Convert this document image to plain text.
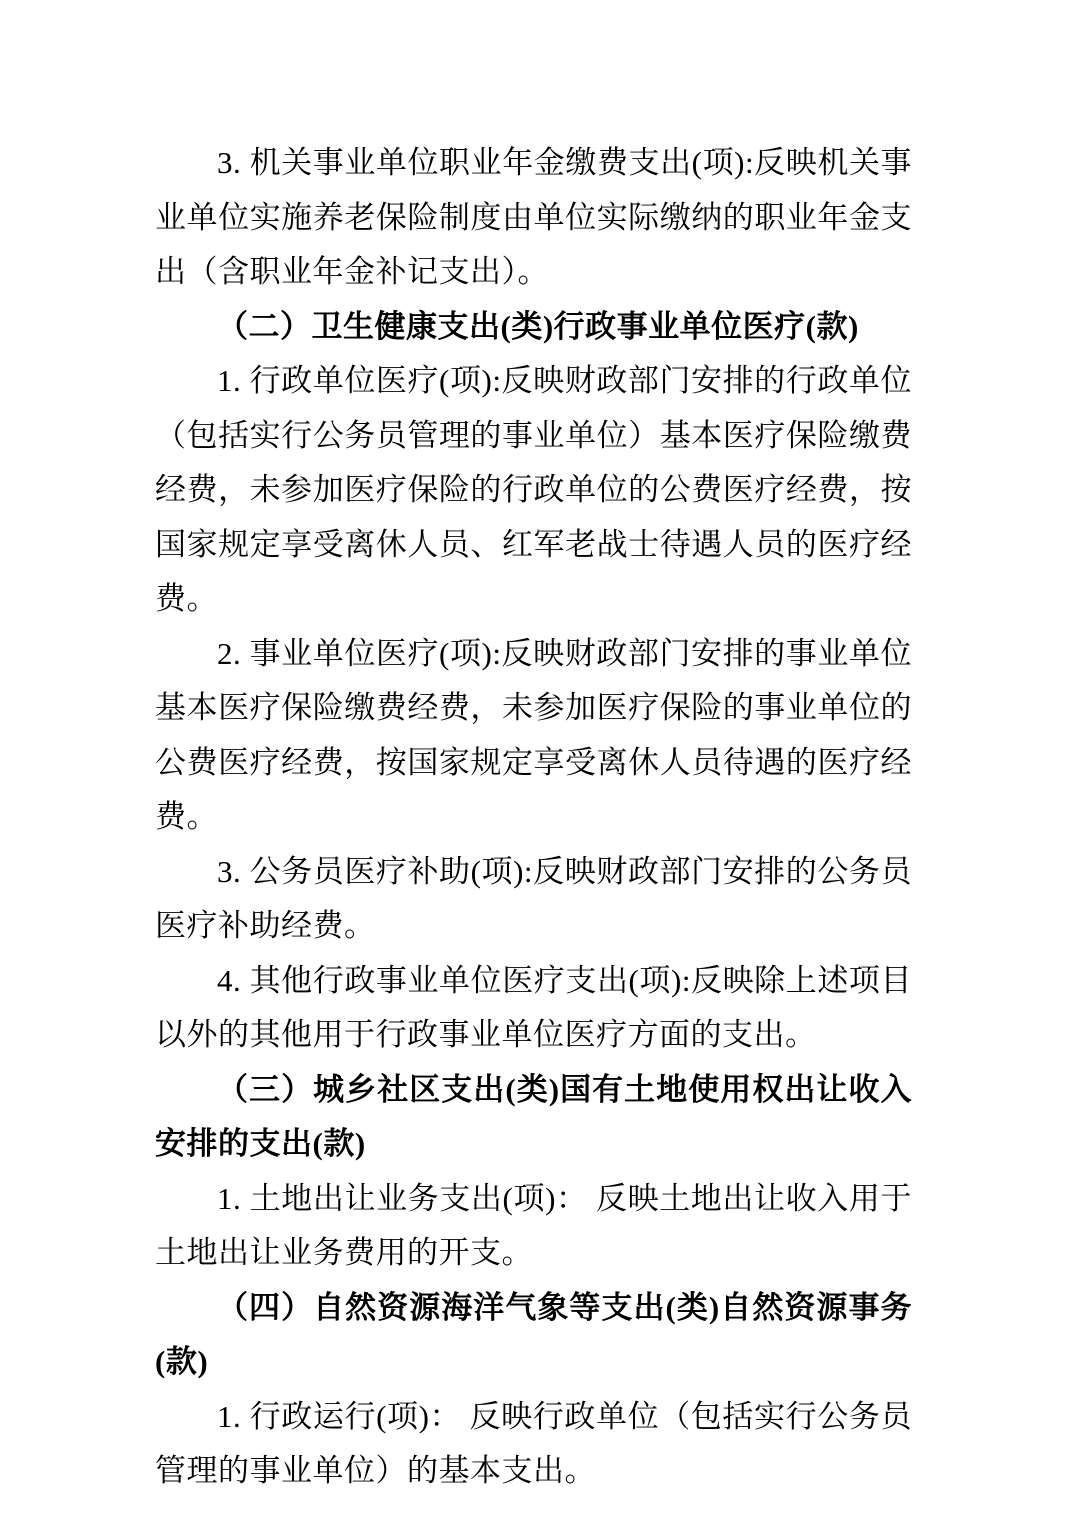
3. 机关事业单位职业年金缴费支出(项):反映机关事业单位实施养老保险制度由单位实际缴纳的职业年金支出（含职业年金补记支出）。

（二）卫生健康支出(类)行政事业单位医疗(款)

1. 行政单位医疗(项):反映财政部门安排的行政单位（包括实行公务员管理的事业单位）基本医疗保险缴费经费，未参加医疗保险的行政单位的公费医疗经费，按国家规定享受离休人员、红军老战士待遇人员的医疗经费。

2. 事业单位医疗(项):反映财政部门安排的事业单位基本医疗保险缴费经费，未参加医疗保险的事业单位的公费医疗经费，按国家规定享受离休人员待遇的医疗经费。

3. 公务员医疗补助(项):反映财政部门安排的公务员医疗补助经费。

4. 其他行政事业单位医疗支出(项):反映除上述项目以外的其他用于行政事业单位医疗方面的支出。

（三）城乡社区支出(类)国有土地使用权出让收入安排的支出(款)

1. 土地出让业务支出(项)： 反映土地出让收入用于土地出让业务费用的开支。

（四）自然资源海洋气象等支出(类)自然资源事务(款)

1. 行政运行(项)： 反映行政单位（包括实行公务员管理的事业单位）的基本支出。
